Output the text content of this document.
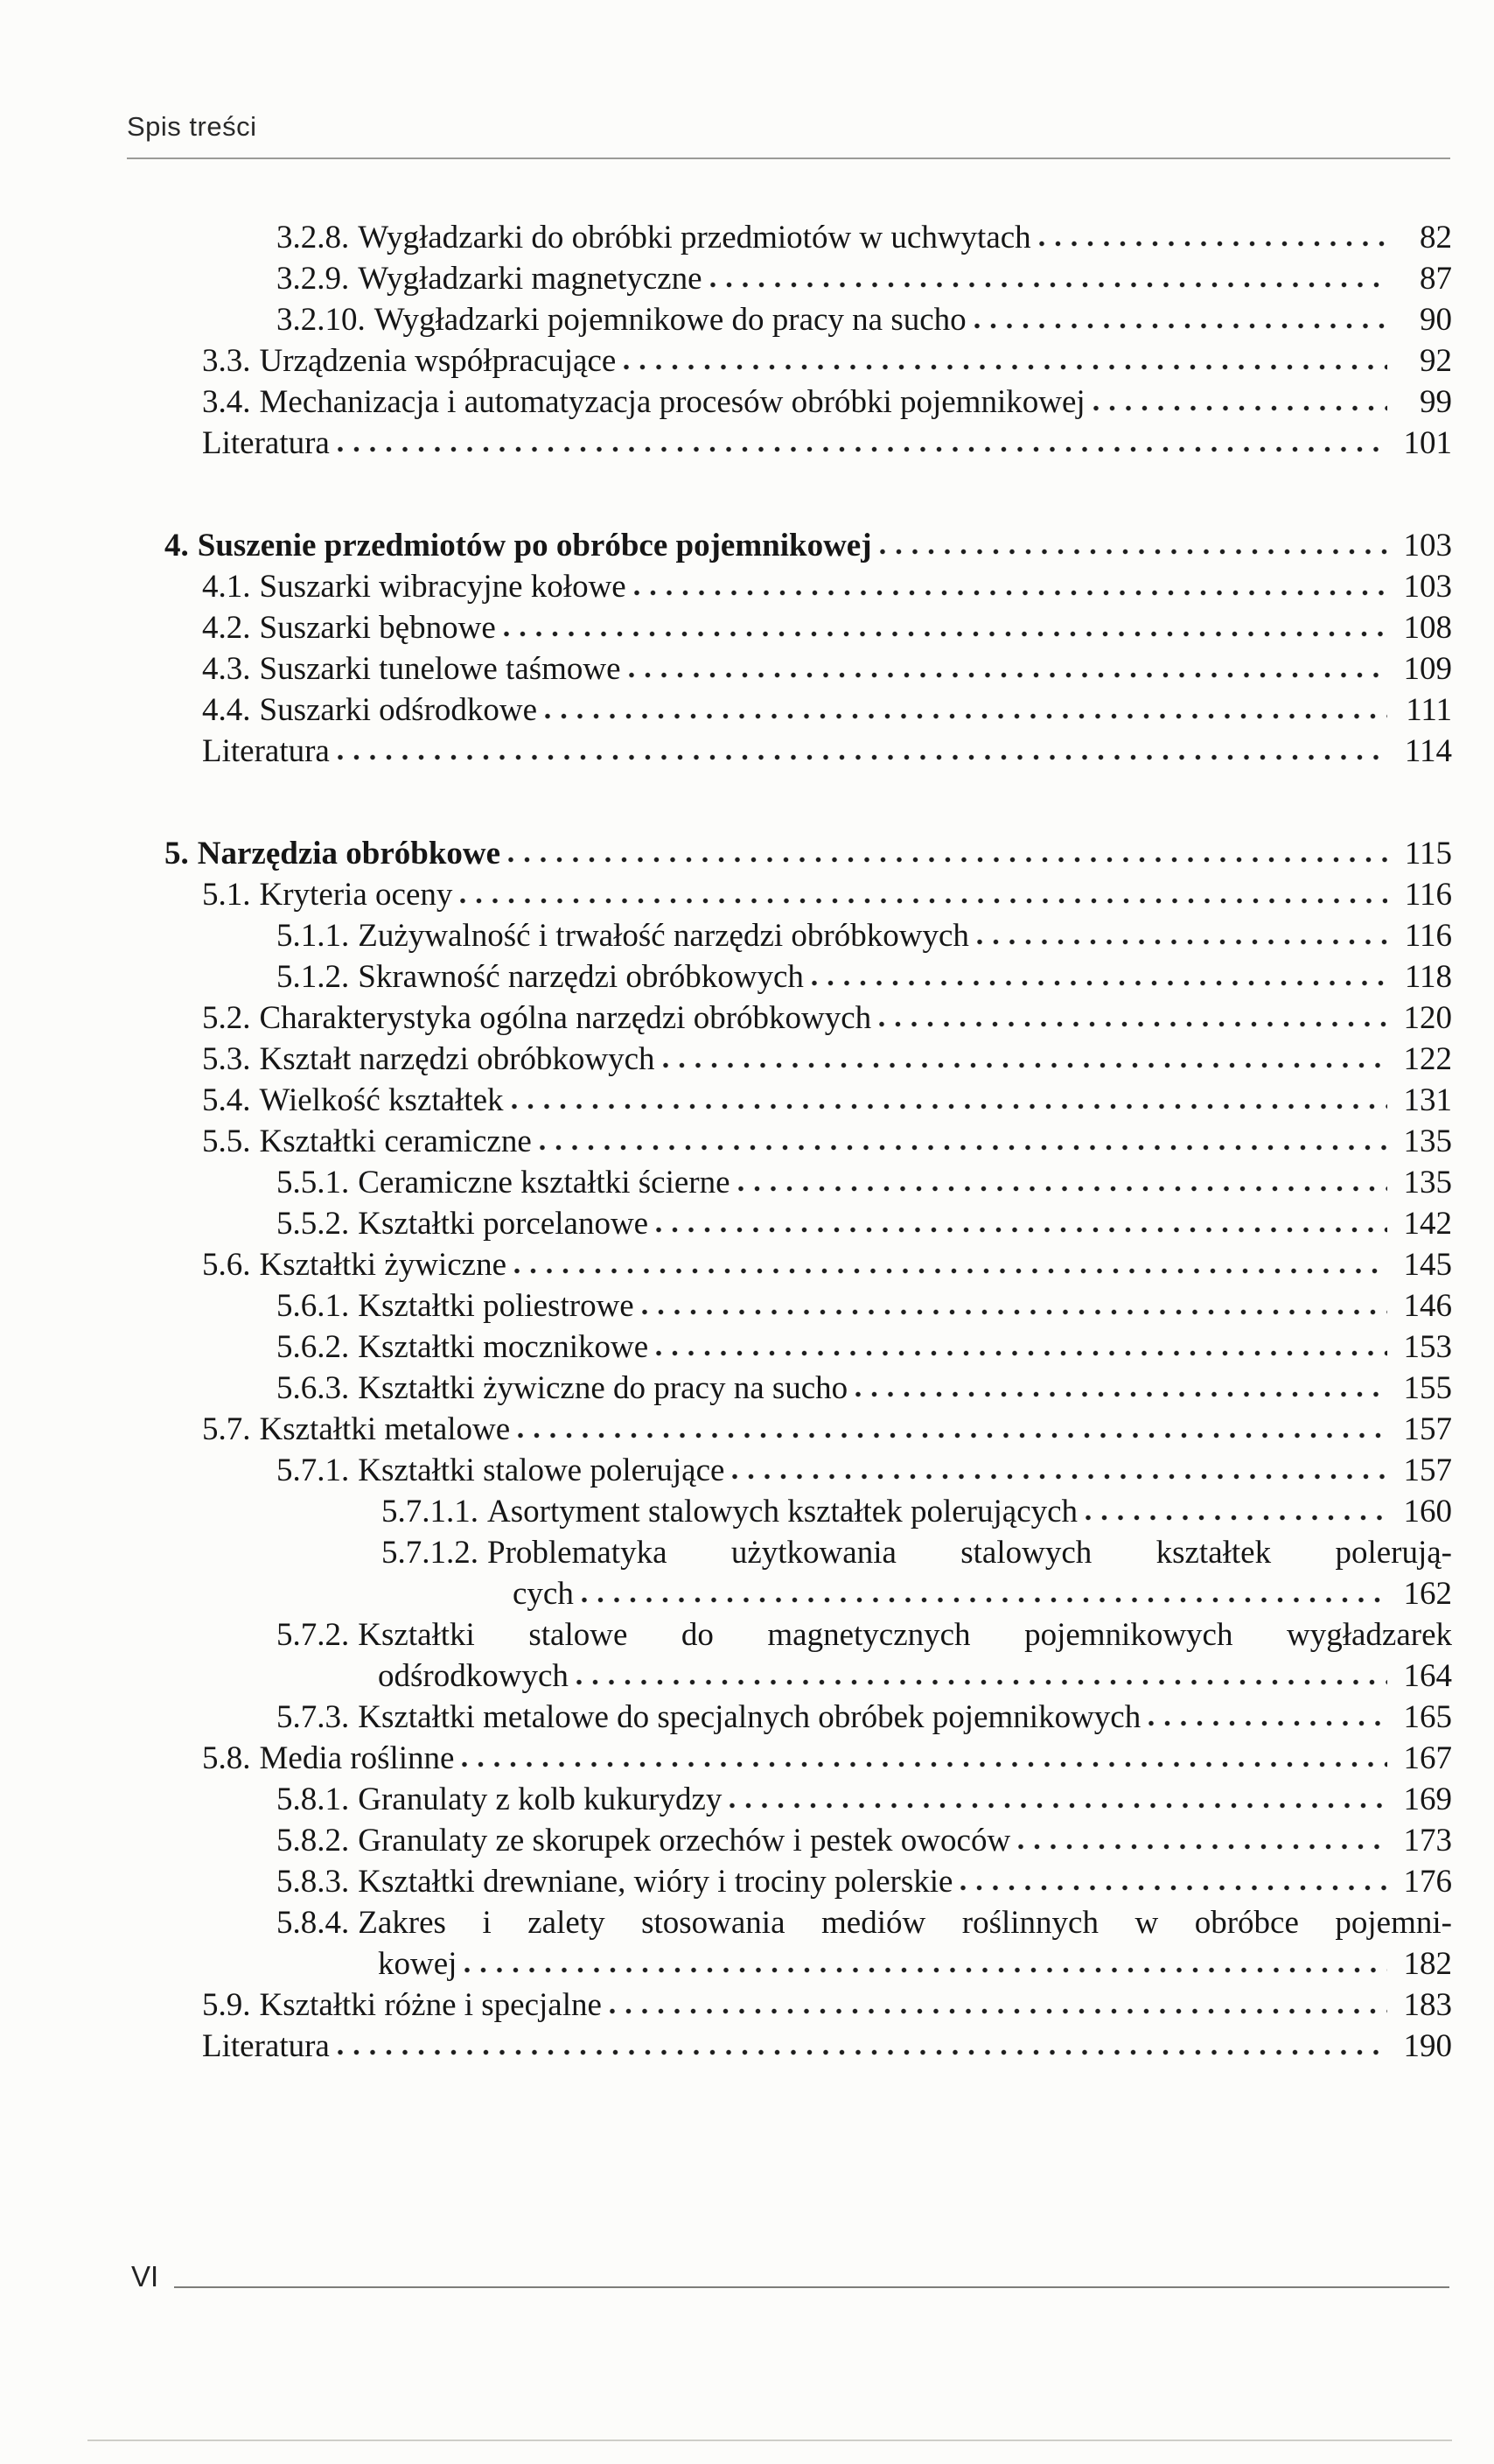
Spis treści
3.2.8. Wygładzarki do obróbki przedmiotów w uchwytach	82
3.2.9. Wygładzarki magnetyczne	87
3.2.10. Wygładzarki pojemnikowe do pracy na sucho	90
3.3. Urządzenia współpracujące	92
3.4. Mechanizacja i automatyzacja procesów obróbki pojemnikowej	99
Literatura	101
4. Suszenie przedmiotów po obróbce pojemnikowej	103
4.1. Suszarki wibracyjne kołowe	103
4.2. Suszarki bębnowe	108
4.3. Suszarki tunelowe taśmowe	109
4.4. Suszarki odśrodkowe	111
Literatura	114
5. Narzędzia obróbkowe	115
5.1. Kryteria oceny	116
5.1.1. Zużywalność i trwałość narzędzi obróbkowych	116
5.1.2. Skrawność narzędzi obróbkowych	118
5.2. Charakterystyka ogólna narzędzi obróbkowych	120
5.3. Kształt narzędzi obróbkowych	122
5.4. Wielkość kształtek	131
5.5. Kształtki ceramiczne	135
5.5.1. Ceramiczne kształtki ścierne	135
5.5.2. Kształtki porcelanowe	142
5.6. Kształtki żywiczne	145
5.6.1. Kształtki poliestrowe	146
5.6.2. Kształtki mocznikowe	153
5.6.3. Kształtki żywiczne do pracy na sucho	155
5.7. Kształtki metalowe	157
5.7.1. Kształtki stalowe polerujące	157
5.7.1.1. Asortyment stalowych kształtek polerujących	160
5.7.1.2. Problematyka użytkowania stalowych kształtek polerują-
cych	162
5.7.2. Kształtki stalowe do magnetycznych pojemnikowych wygładzarek
odśrodkowych	164
5.7.3. Kształtki metalowe do specjalnych obróbek pojemnikowych	165
5.8. Media roślinne	167
5.8.1. Granulaty z kolb kukurydzy	169
5.8.2. Granulaty ze skorupek orzechów i pestek owoców	173
5.8.3. Kształtki drewniane, wióry i trociny polerskie	176
5.8.4. Zakres i zalety stosowania mediów roślinnych w obróbce pojemni-
kowej	182
5.9. Kształtki różne i specjalne	183
Literatura	190
VI
